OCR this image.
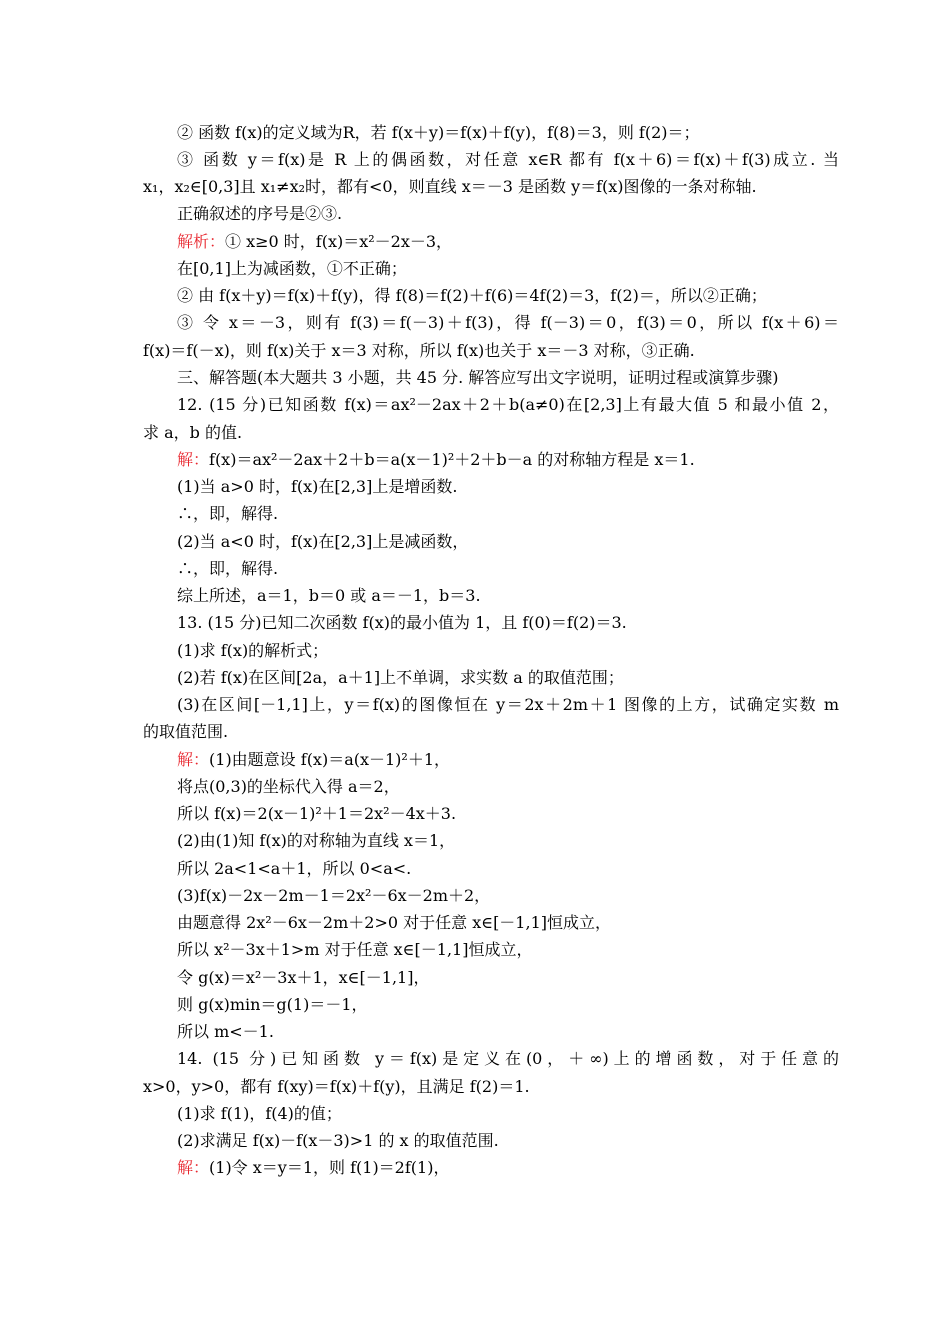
② 函数 f(x)的定义域为R，若 f(x＋y)＝f(x)＋f(y)，f(8)＝3，则 f(2)＝；
③ 函数 y＝f(x)是 R 上的偶函数，对任意 x∈R 都有 f(x＋6)＝f(x)＋f(3)成立. 当
x₁，x₂∈[0,3]且 x₁≠x₂时，都有<0，则直线 x＝－3 是函数 y＝f(x)图像的一条对称轴.
正确叙述的序号是②③.
解析：① x≥0 时，f(x)＝x²－2x－3，
在[0,1]上为减函数，①不正确；
② 由 f(x＋y)＝f(x)＋f(y)，得 f(8)＝f(2)＋f(6)＝4f(2)＝3，f(2)＝，所以②正确；
③ 令 x＝－3，则有 f(3)＝f(－3)＋f(3)，得 f(－3)＝0，f(3)＝0，所以 f(x＋6)＝
f(x)＝f(－x)，则 f(x)关于 x＝3 对称，所以 f(x)也关于 x＝－3 对称，③正确.
三、解答题(本大题共 3 小题，共 45 分. 解答应写出文字说明，证明过程或演算步骤)
12. (15 分)已知函数 f(x)＝ax²－2ax＋2＋b(a≠0)在[2,3]上有最大值 5 和最小值 2，
求 a，b 的值.
解：f(x)＝ax²－2ax＋2＋b＝a(x－1)²＋2＋b－a 的对称轴方程是 x＝1.
(1)当 a>0 时，f(x)在[2,3]上是增函数.
∴，即，解得.
(2)当 a<0 时，f(x)在[2,3]上是减函数，
∴，即，解得.
综上所述，a＝1，b＝0 或 a＝－1，b＝3.
13. (15 分)已知二次函数 f(x)的最小值为 1，且 f(0)＝f(2)＝3.
(1)求 f(x)的解析式；
(2)若 f(x)在区间[2a，a＋1]上不单调，求实数 a 的取值范围；
(3)在区间[－1,1]上，y＝f(x)的图像恒在 y＝2x＋2m＋1 图像的上方，试确定实数 m
的取值范围.
解：(1)由题意设 f(x)＝a(x－1)²＋1，
将点(0,3)的坐标代入得 a＝2，
所以 f(x)＝2(x－1)²＋1＝2x²－4x＋3.
(2)由(1)知 f(x)的对称轴为直线 x＝1，
所以 2a<1<a＋1，所以 0<a<.
(3)f(x)－2x－2m－1＝2x²－6x－2m＋2，
由题意得 2x²－6x－2m＋2>0 对于任意 x∈[－1,1]恒成立，
所以 x²－3x＋1>m 对于任意 x∈[－1,1]恒成立，
令 g(x)＝x²－3x＋1，x∈[－1,1]，
则 g(x)min＝g(1)＝－1，
所以 m<－1.
14. (15 分)已知函数 y＝f(x)是定义在(0，＋∞)上的增函数，对于任意的
x>0，y>0，都有 f(xy)＝f(x)＋f(y)，且满足 f(2)＝1.
(1)求 f(1)，f(4)的值；
(2)求满足 f(x)－f(x－3)>1 的 x 的取值范围.
解：(1)令 x＝y＝1，则 f(1)＝2f(1)，
